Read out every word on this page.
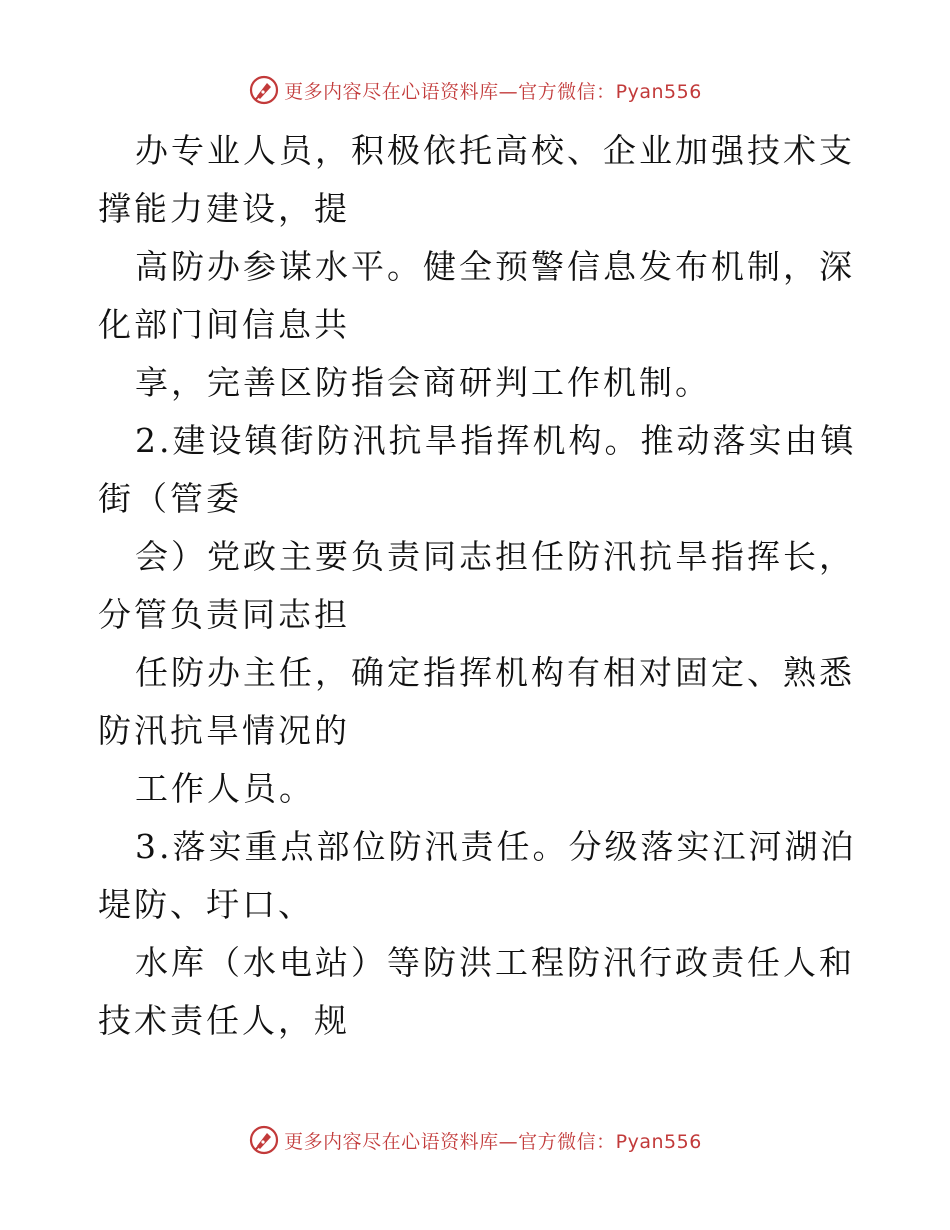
更多内容尽在心语资料库—官方微信：Pyan556

办专业人员，积极依托高校、企业加强技术支撑能力建设，提

高防办参谋水平。健全预警信息发布机制，深化部门间信息共

享，完善区防指会商研判工作机制。

2.建设镇街防汛抗旱指挥机构。推动落实由镇街（管委

会）党政主要负责同志担任防汛抗旱指挥长，分管负责同志担

任防办主任，确定指挥机构有相对固定、熟悉防汛抗旱情况的

工作人员。

3.落实重点部位防汛责任。分级落实江河湖泊堤防、圩口、

水库（水电站）等防洪工程防汛行政责任人和技术责任人，规

更多内容尽在心语资料库—官方微信：Pyan556
